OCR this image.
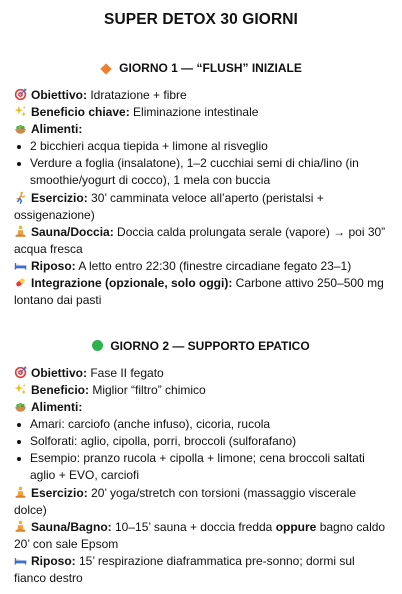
SUPER DETOX 30 GIORNI
GIORNO 1 — “FLUSH” INIZIALE

Obiettivo: Idratazione + fibre

Beneficio chiave: Eliminazione intestinale

Alimenti:

2 bicchieri acqua tiepida + limone al risveglio
Verdure a foglia (insalatone), 1–2 cucchiai semi di chia/lino (in smoothie/yogurt di cocco), 1 mela con buccia

Esercizio: 30’ camminata veloce all’aperto (peristalsi + ossigenazione)

Sauna/Doccia: Doccia calda prolungata serale (vapore) → poi 30” acqua fresca

Riposo: A letto entro 22:30 (finestre circadiane fegato 23–1)

Integrazione (opzionale, solo oggi): Carbone attivo 250–500 mg lontano dai pasti

GIORNO 2 — SUPPORTO EPATICO

Obiettivo: Fase II fegato

Beneficio: Miglior “filtro” chimico

Alimenti:

Amari: carciofo (anche infuso), cicoria, rucola
Solforati: aglio, cipolla, porri, broccoli (sulforafano)
Esempio: pranzo rucola + cipolla + limone; cena broccoli saltati aglio + EVO, carciofi

Esercizio: 20’ yoga/stretch con torsioni (massaggio viscerale dolce)

Sauna/Bagno: 10–15’ sauna + doccia fredda oppure bagno caldo 20’ con sale Epsom

Riposo: 15’ respirazione diaframmatica pre-sonno; dormi sul fianco destro
